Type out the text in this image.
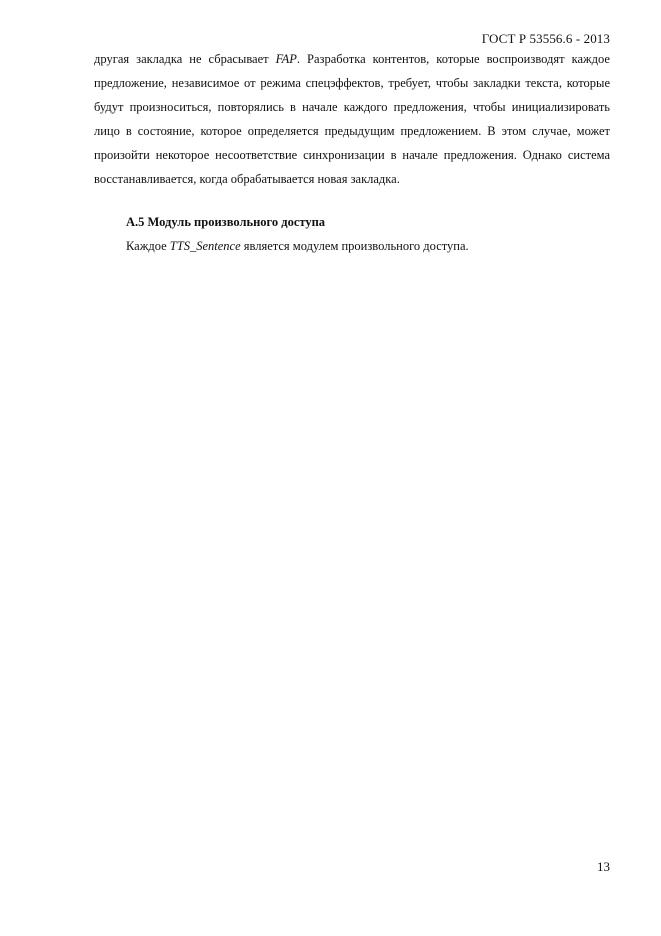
ГОСТ Р 53556.6 - 2013

другая закладка не сбрасывает FAP. Разработка контентов, которые воспроизводят каждое предложение, независимое от режима спецэффектов, требует, чтобы закладки текста, которые будут произноситься, повторялись в начале каждого предложения, чтобы инициализировать лицо в состояние, которое определяется предыдущим предложением. В этом случае, может произойти некоторое несоответствие синхронизации в начале предложения. Однако система восстанавливается, когда обрабатывается новая закладка.

А.5 Модуль произвольного доступа

Каждое TTS_Sentence является модулем произвольного доступа.

13
